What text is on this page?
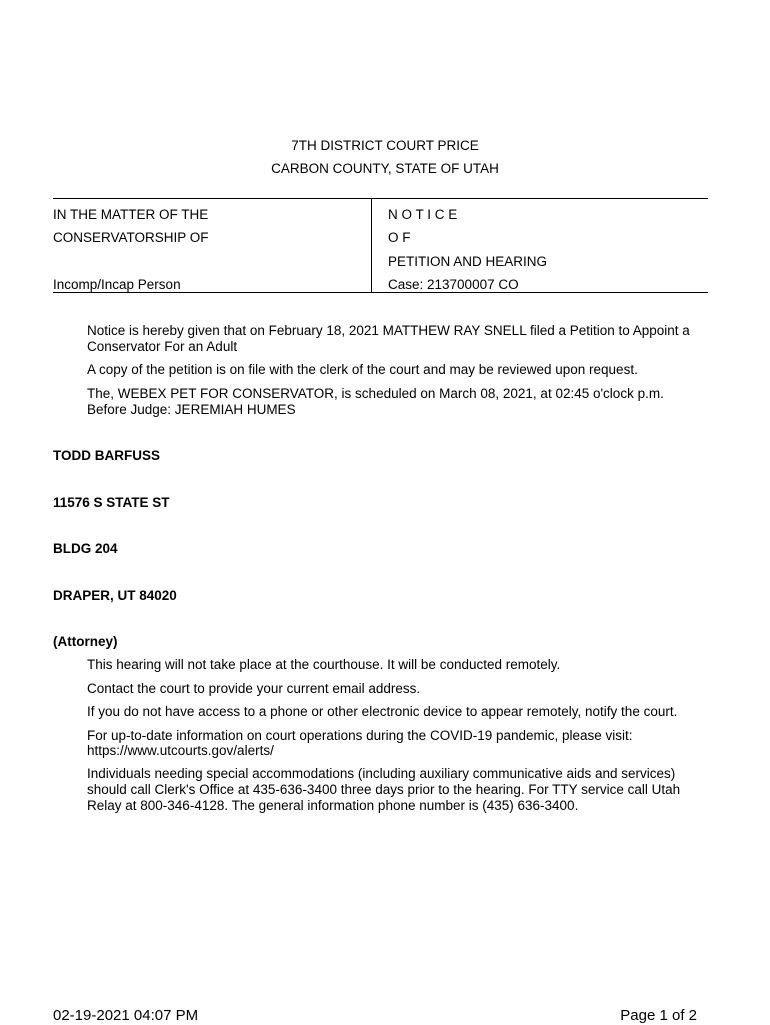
7TH DISTRICT COURT PRICE
CARBON COUNTY, STATE OF UTAH
IN THE MATTER OF THE
CONSERVATORSHIP OF
Incomp/Incap Person
N O T I C E
O F
PETITION AND HEARING
Case: 213700007 CO
Notice is hereby given that on February 18, 2021 MATTHEW RAY SNELL filed a Petition to Appoint a Conservator For an Adult
A copy of the petition is on file with the clerk of the court and may be reviewed upon request.
The, WEBEX PET FOR CONSERVATOR, is scheduled on March 08, 2021, at 02:45 o'clock p.m.
Before Judge: JEREMIAH HUMES
TODD BARFUSS
11576 S STATE ST
BLDG 204
DRAPER, UT 84020
(Attorney)
This hearing will not take place at the courthouse. It will be conducted remotely.
Contact the court to provide your current email address.
If you do not have access to a phone or other electronic device to appear remotely, notify the court.
For up-to-date information on court operations during the COVID-19 pandemic, please visit:
https://www.utcourts.gov/alerts/
Individuals needing special accommodations (including auxiliary communicative aids and services) should call Clerk's Office at 435-636-3400 three days prior to the hearing. For TTY service call Utah Relay at 800-346-4128. The general information phone number is (435) 636-3400.
02-19-2021 04:07 PM	Page 1 of 2
